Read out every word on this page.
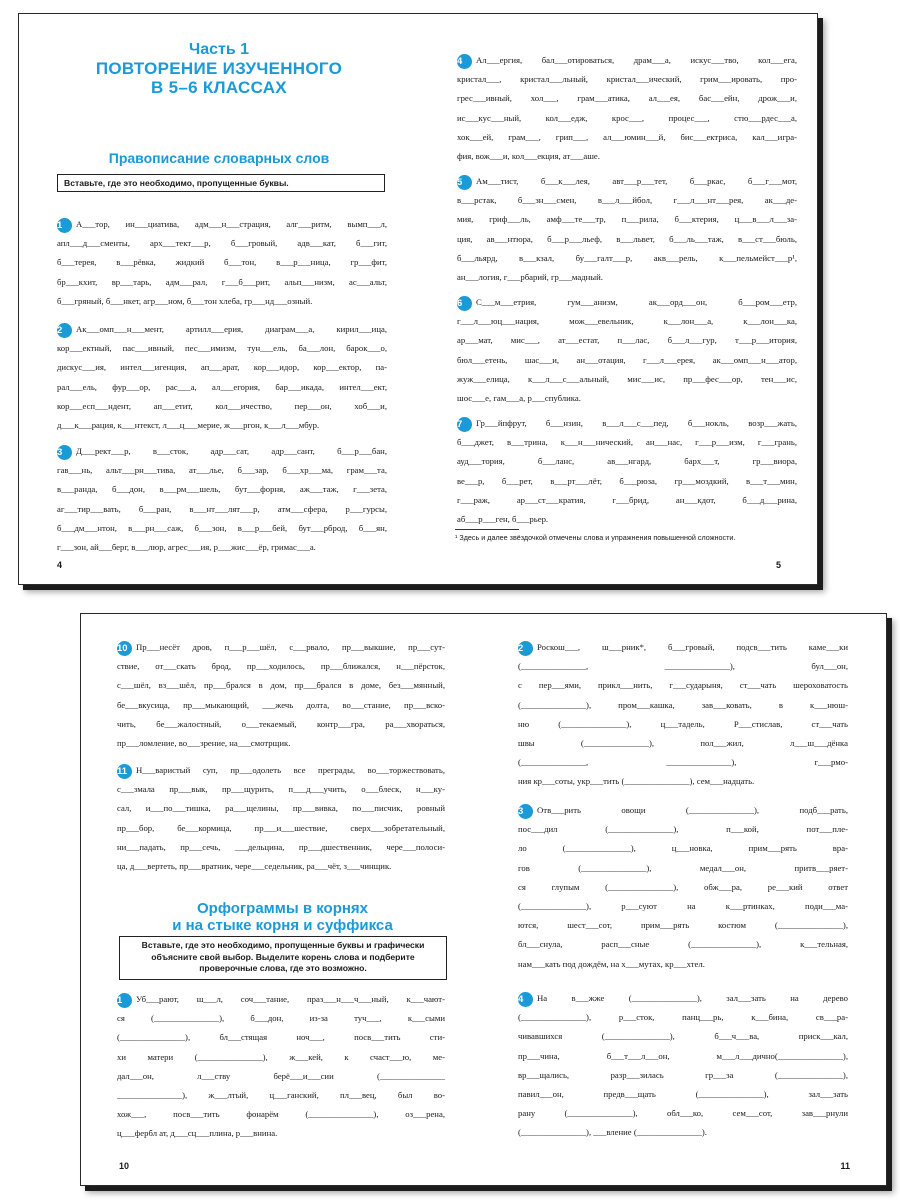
Часть 1
ПОВТОРЕНИЕ ИЗУЧЕННОГО
В 5–6 КЛАССАХ
Правописание словарных слов
Вставьте, где это необходимо, пропущенные буквы.
1 А___тор, ин___циатива, адм___н___страция, алг___ритм, вымп___л,
апл___д___сменты, арх___тект___р, б___гровый, адв___кат, б___гит,
б___терея, в___рёвка, жидкий б___тон, в___р___ница, гр___фит,
бр___кхит, вр___тарь, адм___рал, г___б___рит, альп___низм, ас___альт,
б___гряный, б___нкет, агр___ном, б___тон хлеба, гр___нд___озный.
2 Ак___омп___н___мент, артилл___ерия, диаграм___а, кирил___ица,
кор___ектный, пас___ивный, пес___имизм, тун___ель, ба___лон, барок___о,
дискус___ия, интел___игенция, ап___арат, кор___идор, кор___ектор, па-
рал___ель, фур___ор, рас___а, ал___егория, бар___икада, интел___ект,
кор___есп___ндент, ап___етит, кол___ичество, пер___он, хоб___и,
д___к___рация, к___нтекст, л___ц___мерие, ж___ргон, к___л___мбур.
3 Д___рект___р, в___сток, адр___сат, адр___сант, б___р___бан,
гав___нь, альт___рн___тива, ат___лье, б___зар, б___хр___ма, грам___та,
в___ранда, б___дон, в___рм___шель, бут___форня, аж___таж, г___зета,
аг___тир___вать, б___ран, в___нт___лят___р, атм___сфера, р___гурсы,
б___дм___нтон, в___рн___саж, б___зон, в___р___бей, бут___рброд, б___ян,
г___зон, ай___берг, в___люр, агрес___ия, р___жис___ёр, гримас___а.
4
4 Ал___ергия, бал___отироваться, драм___а, искус___тво, кол___ега,
кристал___, кристал___льный, кристал___ический, грим___ировать, про-
грес___ивный, хол___, грам___атика, ал___ея, бас___ейн, дрож___и,
ис___кус___ный, кол___едж, крос___, процес___, стю___рдес___а,
хок___ей, грам___, грип___, ал___юмин___й, бис___ектриса, кал___игра-
фия, вож___и, кол___екция, ат___аше.
5 Ам___тист, б___к___лея, авт___р___тет, б___ркас, б___г___мот,
в___рстак, б___зн___смен, в___л___йбол, г___л___нт___рея, ак___де-
мия, гриф___ль, амф___те___тр, п___рила, б___ктерия, ц___в___л___за-
ция, ав___нтюра, б___р___льеф, в___львет, б___ль___таж, в___ст___бюль,
б___льярд, в___кзал, бу___галт___р, акв___рель, к___пельмейст___р¹,
ан___логия, г___рбарий, гр___мадный.
6 С___м___етрия, гум___анизм, ак___орд___он, б___ром___етр,
г___л___юц___нация, мож___евельник, к___лон___а, к___лон___ка,
ар___мат, мис___, ат___естат, п___лас, б___л___гур, т___р___итория,
бюл___етень, шас___и, ан___отация, г___л___ерея, ак___омп___н___атор,
жуж___елица, к___л___с___альный, мис___ис, пр___фес___ор, тен___ис,
шос___е, гам___а, р___спублика.
7 Гр___йпфрут, б___нзин, в___л___с___пед, б___нокль, возр___жать,
б___джет, в___трина, к___н___нический, ан___нас, г___р___изм, г___грань,
ауд___тория, б___ланс, ав___нгард, барх___т, гр___виора,
ве___р, б___рет, в___рт___лёт, б___рюза, гр___моздкий, в___т___мин,
г___раж, ар___ст___кратия, г___брид, ан___кдот, б___д___рина,
аб___р___ген, б___рьер.
¹ Здесь и далее звёздочкой отмечены слова и упражнения повышенной сложности.
5
10 Пр___несёт дров, п___р___шёл, с___рвало, пр___выкшие, пр___сут-
ствие, от___скать брод, пр___ходилось, пр___ближался, н___пёрсток,
с___шёл, вз___шёл, пр___брался в дом, пр___брался в доме, без___мянный,
бе___вкусица, пр___мыкающий, ___жечь долта, во___стание, пр___вско-
чить, бе___жалостный, о___текаемый, контр___гра, ра___хвораться,
пр___ломление, во___зрение, на___смотрщик.
11 Н___варистый суп, пр___одолеть все преграды, во___торжествовать,
с___змала пр___вык, пр___щурить, п___д___учить, о___блеск, н___ку-
сал, и___по___тишка, ра___щелины, пр___вивка, по___писчик, ровный
пр___бор, бе___кормица, пр___и___шествие, сверх___зобретательный,
ни___падать, пр___сечь, ___дельцина, пр___дшественник, чере___полоси-
ца, д___вертеть, пр___вратник, чере___седельник, ра___чёт, з___чинщик.
Орфограммы в корнях
и на стыке корня и суффикса
Вставьте, где это необходимо, пропущенные буквы и графически объясните свой выбор. Выделите корень слова и подберите проверочные слова, где это возможно.
1 Уб___рают, ш___л, соч___тание, праз___н___ч___ный, к___чают-
ся (_______________), б___дон, из-за туч___, к___сыми
(_______________), бл___стящая ноч___, посв___тить сти-
хи матери (_______________), ж___кей, к счаст___ю, ме-
дал___он, л___ству берё___и___сии (_______________
_______________), ж___лтый, ц___ганский, пл___вец, был во-
хож___, посв___тить фонарём (_______________), оз___рена,
ц___фербл ат, д___сц___плина, р___внина.
10
2 Роскош___, ш___рник*, б___гровый, подсв___тить каме___ки
(_______________, _______________), бул___он,
с пер___ями, прикл___нить, г___сударыня, ст___чать шероховатость
(_______________), пром___кашка, зав___ковать, в к___нюш-
ню (_______________), ц___тадель, Р___стислав, ст___чать
швы (_______________), пол___жил, л___ш___дёнка
(_______________, _______________), г___рмо-
ния кр___соты, укр___тить (_______________), сем___надцать.
3 Отв___рить овощи (_______________), подб___рать,
пос___дил (_______________), п___кой, пот___пле-
ло (_______________), ц___новка, прим___рять вра-
гов (_______________), медал___он, притв___ряет-
ся глупым (_______________), обж___ра, ре___кий ответ
(_______________), р___суют на к___ртинках, поди___ма-
ются, шест___сот, прим___рять костюм (_______________),
бл___снула, расп___сные (_______________), к___тельная,
нам___кать под дождём, на х___мутах, кр___хтел.
4 На в___жже (_______________), зал___зать на дерево
(_______________), р___сток, панц___рь, к___бина, св___ра-
чивавшихся (_______________), б___ч___ва, приск___кал,
пр___чина, б___т___л___он, м___л___дично(_______________),
вр___щались, разр___зилась гр___за (_______________),
павил___он, предв___щать (_______________), зал___зать
рану (_______________), обл___ко, сем___сот, зав___рнули
(_______________), ___вление (_______________).
11
